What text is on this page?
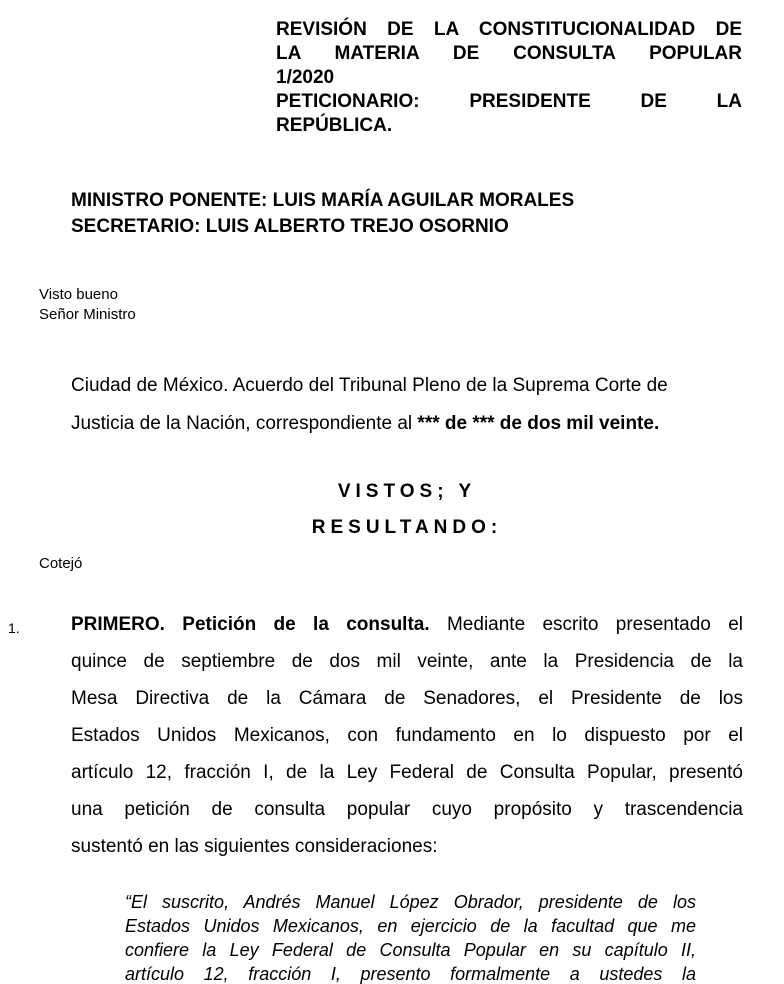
REVISIÓN DE LA CONSTITUCIONALIDAD DE
LA MATERIA DE CONSULTA POPULAR
1/2020
PETICIONARIO: PRESIDENTE DE LA
REPÚBLICA.
MINISTRO PONENTE: LUIS MARÍA AGUILAR MORALES
SECRETARIO: LUIS ALBERTO TREJO OSORNIO
Visto bueno
Señor Ministro
Ciudad de México. Acuerdo del Tribunal Pleno de la Suprema Corte de
Justicia de la Nación, correspondiente al *** de *** de dos mil veinte.
VISTOS; Y
RESULTANDO:
Cotejó
1.	PRIMERO. Petición de la consulta. Mediante escrito presentado el
quince de septiembre de dos mil veinte, ante la Presidencia de la
Mesa Directiva de la Cámara de Senadores, el Presidente de los
Estados Unidos Mexicanos, con fundamento en lo dispuesto por el
artículo 12, fracción I, de la Ley Federal de Consulta Popular, presentó
una petición de consulta popular cuyo propósito y trascendencia
sustentó en las siguientes consideraciones:
“El suscrito, Andrés Manuel López Obrador, presidente de los
Estados Unidos Mexicanos, en ejercicio de la facultad que me
confiere la Ley Federal de Consulta Popular en su capítulo II,
artículo 12, fracción I, presento formalmente a ustedes la
